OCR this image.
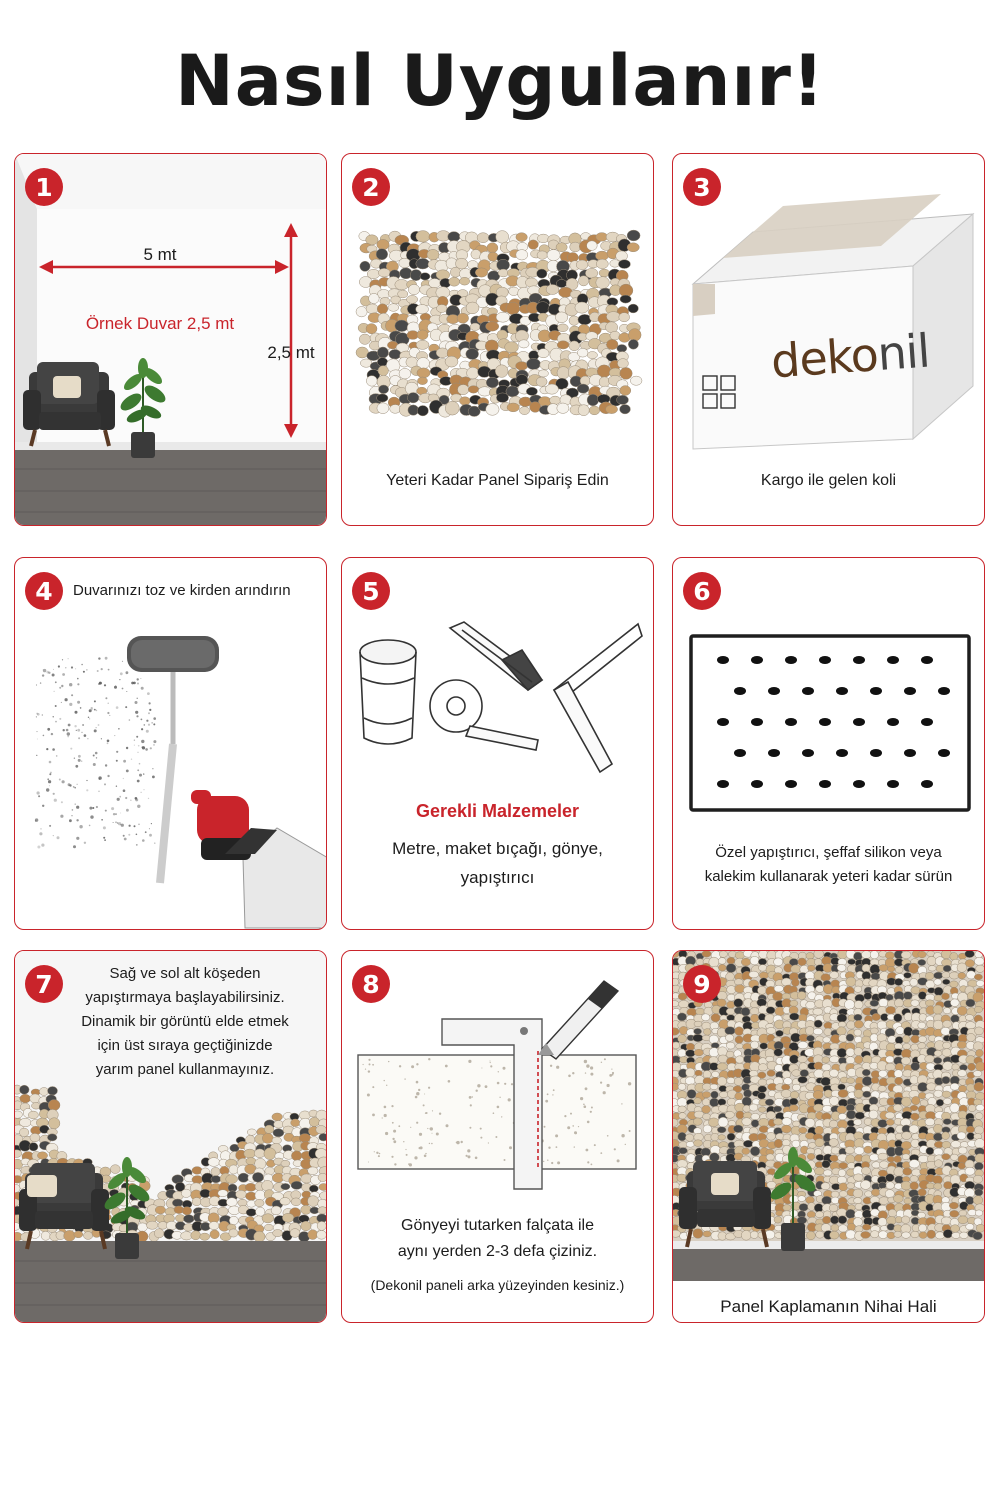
Nasıl Uygulanır!
1
5 mt
2,5 mt
Örnek Duvar 2,5 mt
2
Yeteri Kadar Panel Sipariş Edin
dekonil
3
Kargo ile gelen koli
4	Duvarınızı toz ve kirden arındırın	5
Gerekli Malzemeler
Metre, maket bıçağı, gönye,
yapıştırıcı
6
Özel yapıştırıcı, şeffaf silikon veya
kalekim kullanarak yeteri kadar sürün
7	Sağ ve sol alt köşeden
yapıştırmaya başlayabilirsiniz.
Dinamik bir görüntü elde etmek
için üst sıraya geçtiğinizde
yarım panel kullanmayınız.
8
Gönyeyi tutarken falçata ile
aynı yerden 2-3 defa çiziniz.
(Dekonil paneli arka yüzeyinden kesiniz.)
9
Panel Kaplamanın Nihai Hali
